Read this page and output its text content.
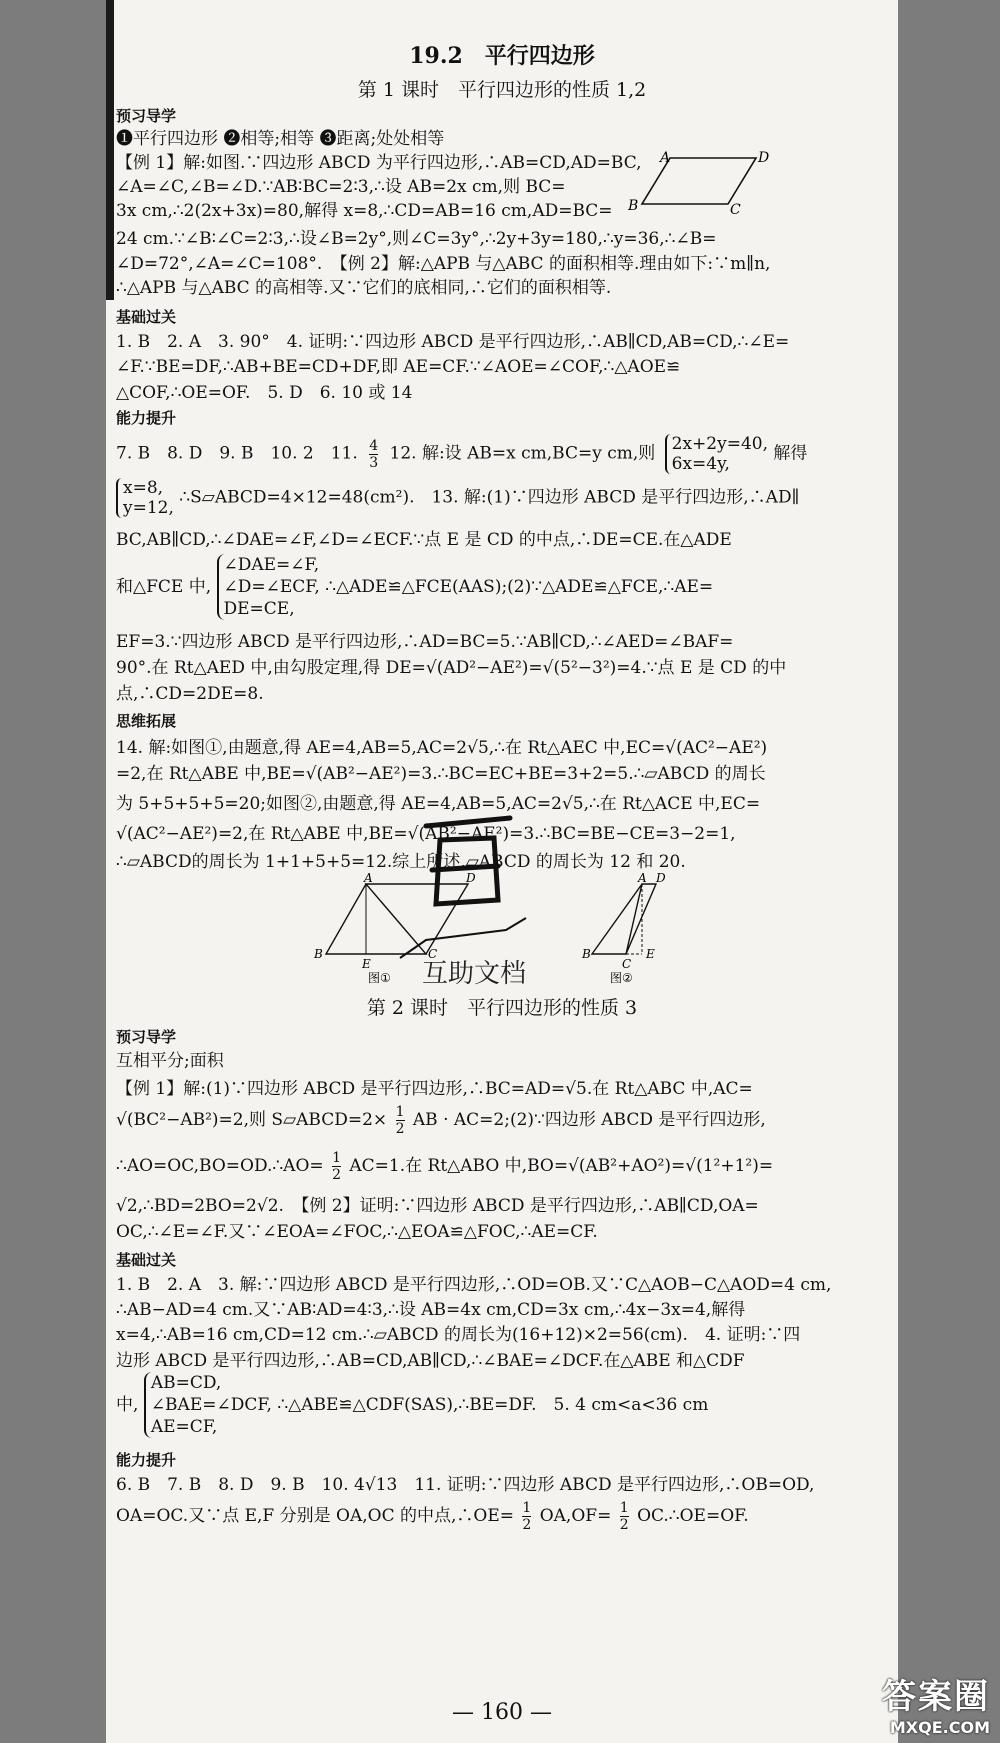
19.2　平行四边形
第 1 课时　平行四边形的性质 1,2
预习导学
❶平行四边形 ❷相等;相等 ❸距离;处处相等
【例 1】解:如图.∵四边形 ABCD 为平行四边形,∴AB=CD,AD=BC,
∠A=∠C,∠B=∠D.∵AB∶BC=2∶3,∴设 AB=2x cm,则 BC=
3x cm,∴2(2x+3x)=80,解得 x=8,∴CD=AB=16 cm,AD=BC=
24 cm.∵∠B∶∠C=2∶3,∴设∠B=2y°,则∠C=3y°,∴2y+3y=180,∴y=36,∴∠B=
∠D=72°,∠A=∠C=108°.　【例 2】解:△APB 与△ABC 的面积相等.理由如下:∵m∥n,
∴△APB 与△ABC 的高相等.又∵它们的底相同,∴它们的面积相等.
A	D
B	C
基础过关
1. B　2. A　3. 90°　4. 证明:∵四边形 ABCD 是平行四边形,∴AB∥CD,AB=CD,∴∠E=
∠F.∵BE=DF,∴AB+BE=CD+DF,即 AE=CF.∵∠AOE=∠COF,∴△AOE≌
△COF,∴OE=OF.　5. D　6. 10 或 14
能力提升
7. B　8. D　9. B　10. 2　11. $\frac{4}{3} 12$. 解:设 AB=x cm,BC=y cm,则 2x+2y=40,
6x=4y,
解得
x=8,
y=12,
∴S▱ABCD=4×12=48(cm²).　13. 解:(1)∵四边形 ABCD 是平行四边形,∴AD∥
BC,AB∥CD,∴∠DAE=∠F,∠D=∠ECF.∵点 E 是 CD 的中点,∴DE=CE.在△ADE
和△FCE 中,
∠DAE=∠F,
∠D=∠ECF,
DE=CE,
∴△ADE≌△FCE(AAS);(2)∵△ADE≌△FCE,∴AE=
EF=3.∵四边形 ABCD 是平行四边形,∴AD=BC=5.∵AB∥CD,∴∠AED=∠BAF=
90°.在 Rt△AED 中,由勾股定理,得 DE=√(AD²−AE²)=√(5²−3²)=4.∵点 E 是 CD 的中
点,∴CD=2DE=8.
思维拓展
14. 解:如图①,由题意,得 AE=4,AB=5,AC=2√5,∴在 Rt△AEC 中,EC=√(AC²−AE²)
=2,在 Rt△ABE 中,BE=√(AB²−AE²)=3.∴BC=EC+BE=3+2=5.∴▱ABCD 的周长
为 5+5+5+5=20;如图②,由题意,得 AE=4,AB=5,AC=2√5,∴在 Rt△ACE 中,EC=
√(AC²−AE²)=2,在 Rt△ABE 中,BE=√(AB²−AE²)=3.∴BC=BE−CE=3−2=1,
∴▱ABCD的周长为 1+1+5+5=12.综上所述,▱ABCD 的周长为 12 和 20.
A	D
B
E
C
图①
A D
B
C
E
图②
互助文档
第 2 课时　平行四边形的性质 3
预习导学
互相平分;面积
【例 1】解:(1)∵四边形 ABCD 是平行四边形,∴BC=AD=√5.在 Rt△ABC 中,AC=
√(BC²−AB²)=2,则 S▱ABCD=2× $\frac{1}{2}$ AB · AC=2;(2)∵四边形 ABCD 是平行四边形,
∴AO=OC,BO=OD.∴AO= $\frac{1}{2} AC=1$.在 Rt△ABO 中,BO=√(AB²+AO²)=√(1²+1²)=
√2,∴BD=2BO=2√2.　【例 2】证明:∵四边形 ABCD 是平行四边形,∴AB∥CD,OA=
OC,∴∠E=∠F.又∵∠EOA=∠FOC,∴△EOA≌△FOC,∴AE=CF.
基础过关
1. B　2. A　3. 解:∵四边形 ABCD 是平行四边形,∴OD=OB.又∵C△AOB−C△AOD=4 cm,
∴AB−AD=4 cm.又∵AB∶AD=4∶3,∴设 AB=4x cm,CD=3x cm,∴4x−3x=4,解得
x=4,∴AB=16 cm,CD=12 cm.∴▱ABCD 的周长为(16+12)×2=56(cm).　4. 证明:∵四
边形 ABCD 是平行四边形,∴AB=CD,AB∥CD,∴∠BAE=∠DCF.在△ABE 和△CDF
中,
AB=CD,
∠BAE=∠DCF,
AE=CF,
∴△ABE≌△CDF(SAS),∴BE=DF.　5. 4 cm<a<36 cm
能力提升
6. B　7. B　8. D　9. B　10. 4√13　11. 证明:∵四边形 ABCD 是平行四边形,∴OB=OD,
OA=OC.又∵点 E,F 分别是 OA,OC 的中点,∴OE= $\frac{1}{2} OA,OF= \frac{1}{2}$ OC.∴OE=OF.
— 160 —	答案圈
MXQE.COM
